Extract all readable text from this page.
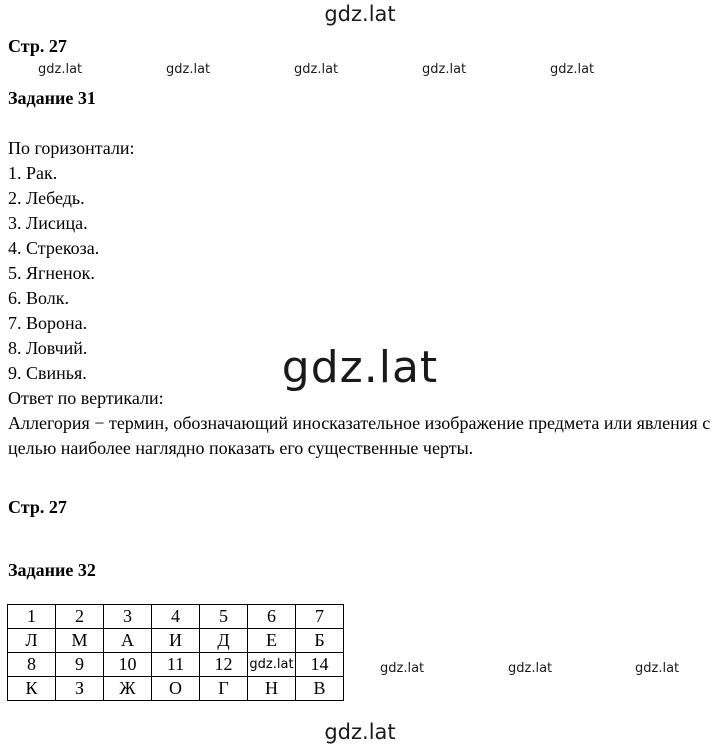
gdz.lat
Стр. 27
gdz.lat	gdz.lat	gdz.lat	gdz.lat	gdz.lat
Задание 31
По горизонтали:
1. Рак.
2. Лебедь.
3. Лисица.
4. Стрекоза.
5. Ягненок.
6. Волк.
7. Ворона.
8. Ловчий.
9. Свинья.
Ответ по вертикали:
Аллегория − термин, обозначающий иносказательное изображение предмета или явления с целью наиболее наглядно показать его существенные черты.
gdz.lat
Стр. 27
Задание 32
1	2	3	4	5	6	7
Л	М	А	И	Д	Е	Б
8	9	10	11	12	gdz.lat	14
К	З	Ж	О	Г	Н	В
gdz.lat	gdz.lat	gdz.lat
gdz.lat
